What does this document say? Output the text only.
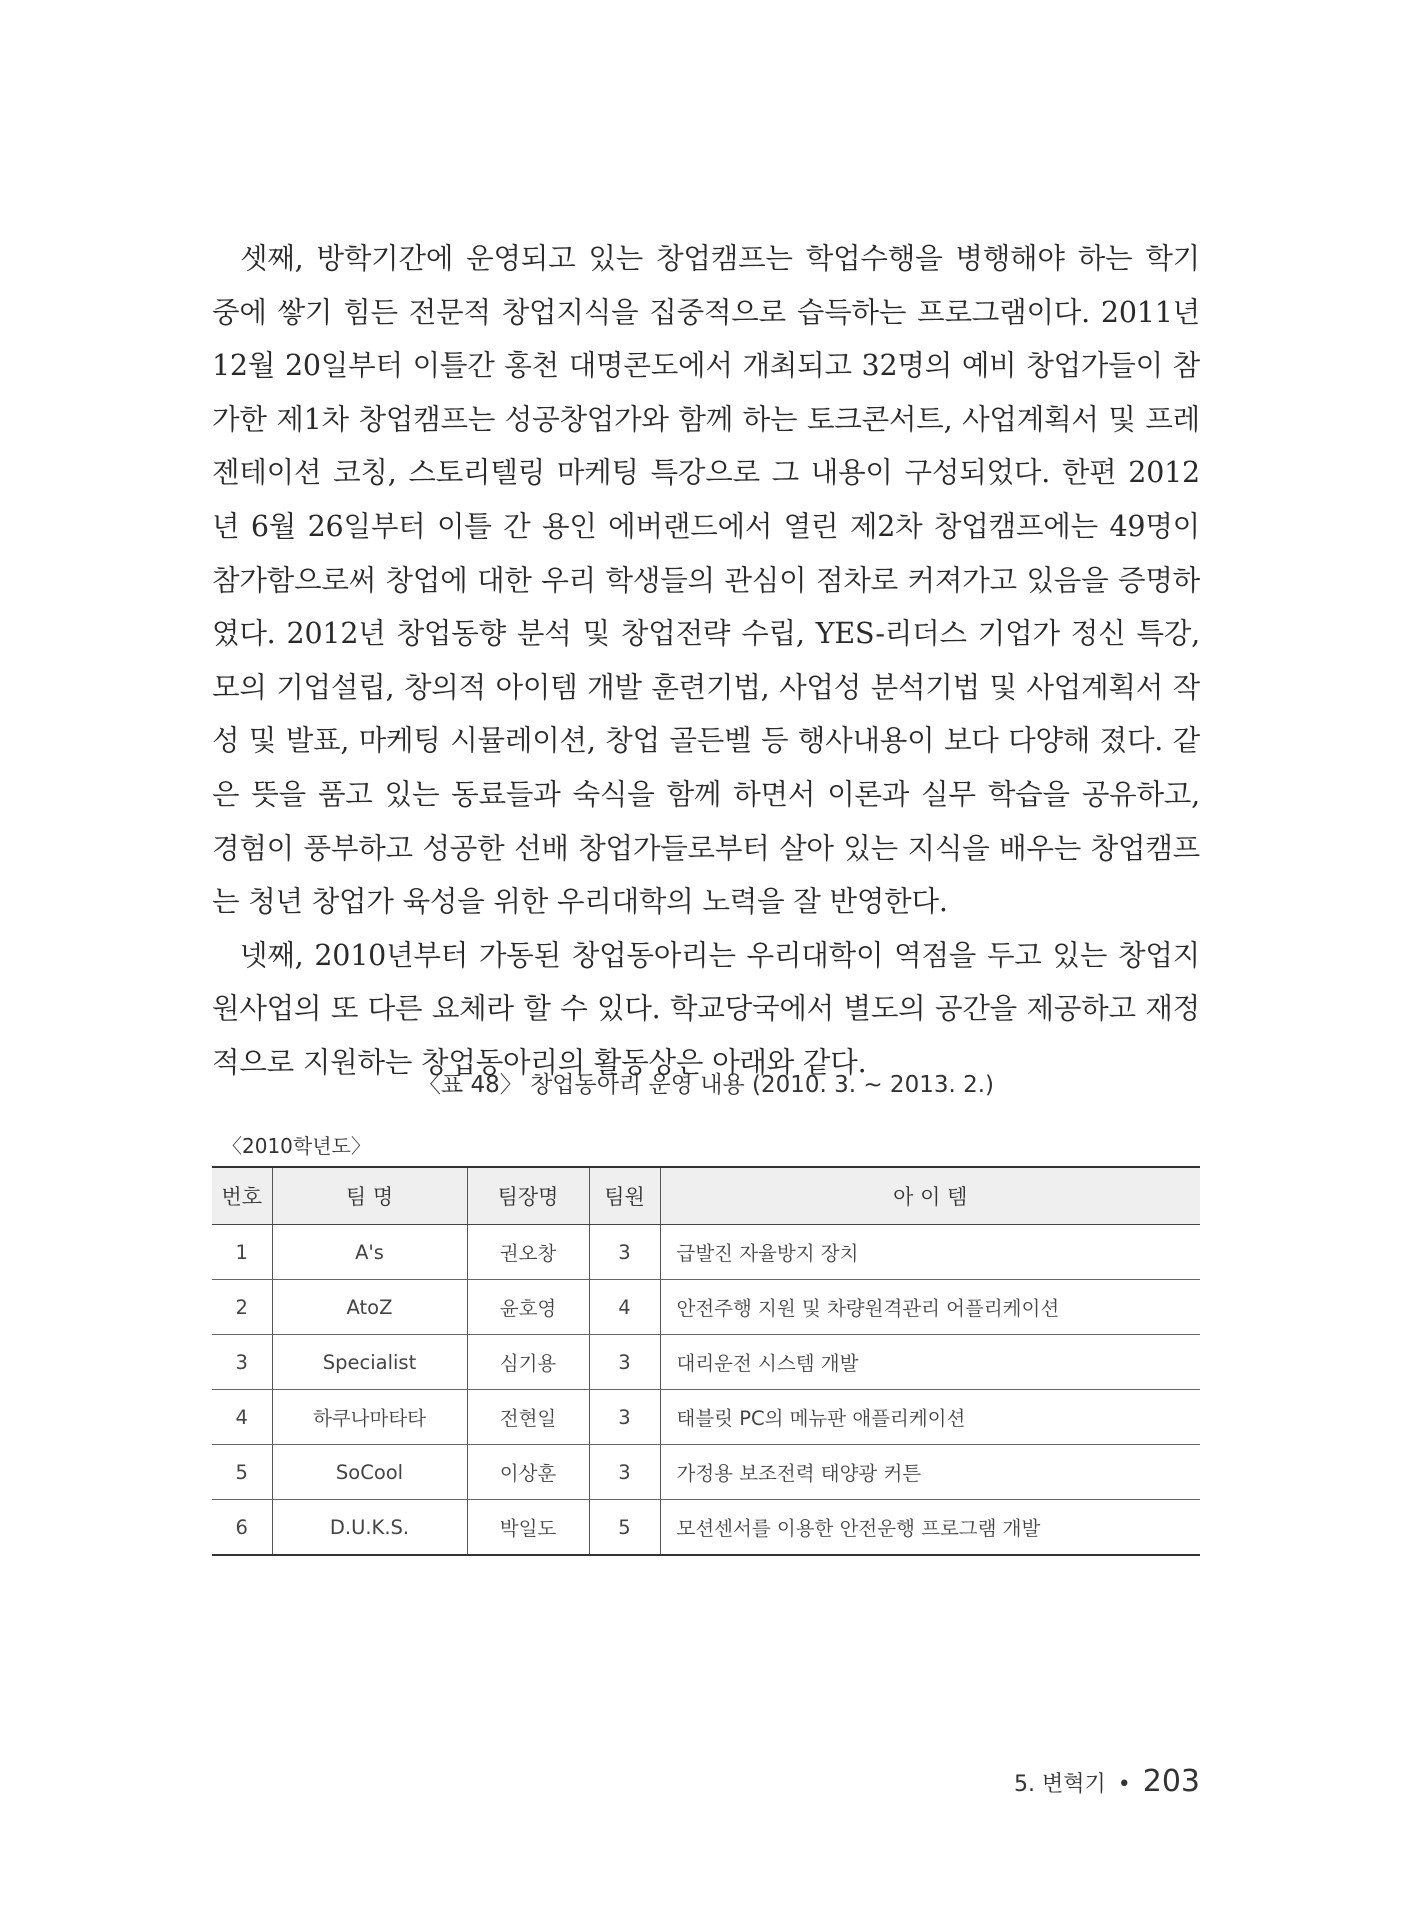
셋째, 방학기간에 운영되고 있는 창업캠프는 학업수행을 병행해야 하는 학기 중에 쌓기 힘든 전문적 창업지식을 집중적으로 습득하는 프로그램이다. 2011년 12월 20일부터 이틀간 홍천 대명콘도에서 개최되고 32명의 예비 창업가들이 참가한 제1차 창업캠프는 성공창업가와 함께 하는 토크콘서트, 사업계획서 및 프레젠테이션 코칭, 스토리텔링 마케팅 특강으로 그 내용이 구성되었다. 한편 2012년 6월 26일부터 이틀 간 용인 에버랜드에서 열린 제2차 창업캠프에는 49명이 참가함으로써 창업에 대한 우리 학생들의 관심이 점차로 커져가고 있음을 증명하였다. 2012년 창업동향 분석 및 창업전략 수립, YES-리더스 기업가 정신 특강, 모의 기업설립, 창의적 아이템 개발 훈련기법, 사업성 분석기법 및 사업계획서 작성 및 발표, 마케팅 시뮬레이션, 창업 골든벨 등 행사내용이 보다 다양해 졌다. 같은 뜻을 품고 있는 동료들과 숙식을 함께 하면서 이론과 실무 학습을 공유하고, 경험이 풍부하고 성공한 선배 창업가들로부터 살아 있는 지식을 배우는 창업캠프는 청년 창업가 육성을 위한 우리대학의 노력을 잘 반영한다.

넷째, 2010년부터 가동된 창업동아리는 우리대학이 역점을 두고 있는 창업지원사업의 또 다른 요체라 할 수 있다. 학교당국에서 별도의 공간을 제공하고 재정적으로 지원하는 창업동아리의 활동상은 아래와 같다.

〈표 48〉 창업동아리 운영 내용 (2010. 3. ~ 2013. 2.)
〈2010학년도〉
번호	팀 명	팀장명	팀원	아 이 템
1	A's	권오창	3	급발진 자율방지 장치
2	AtoZ	윤호영	4	안전주행 지원 및 차량원격관리 어플리케이션
3	Specialist	심기용	3	대리운전 시스템 개발
4	하쿠나마타타	전현일	3	태블릿 PC의 메뉴판 애플리케이션
5	SoCool	이상훈	3	가정용 보조전력 태양광 커튼
6	D.U.K.S.	박일도	5	모션센서를 이용한 안전운행 프로그램 개발
5. 변혁기 • 203
